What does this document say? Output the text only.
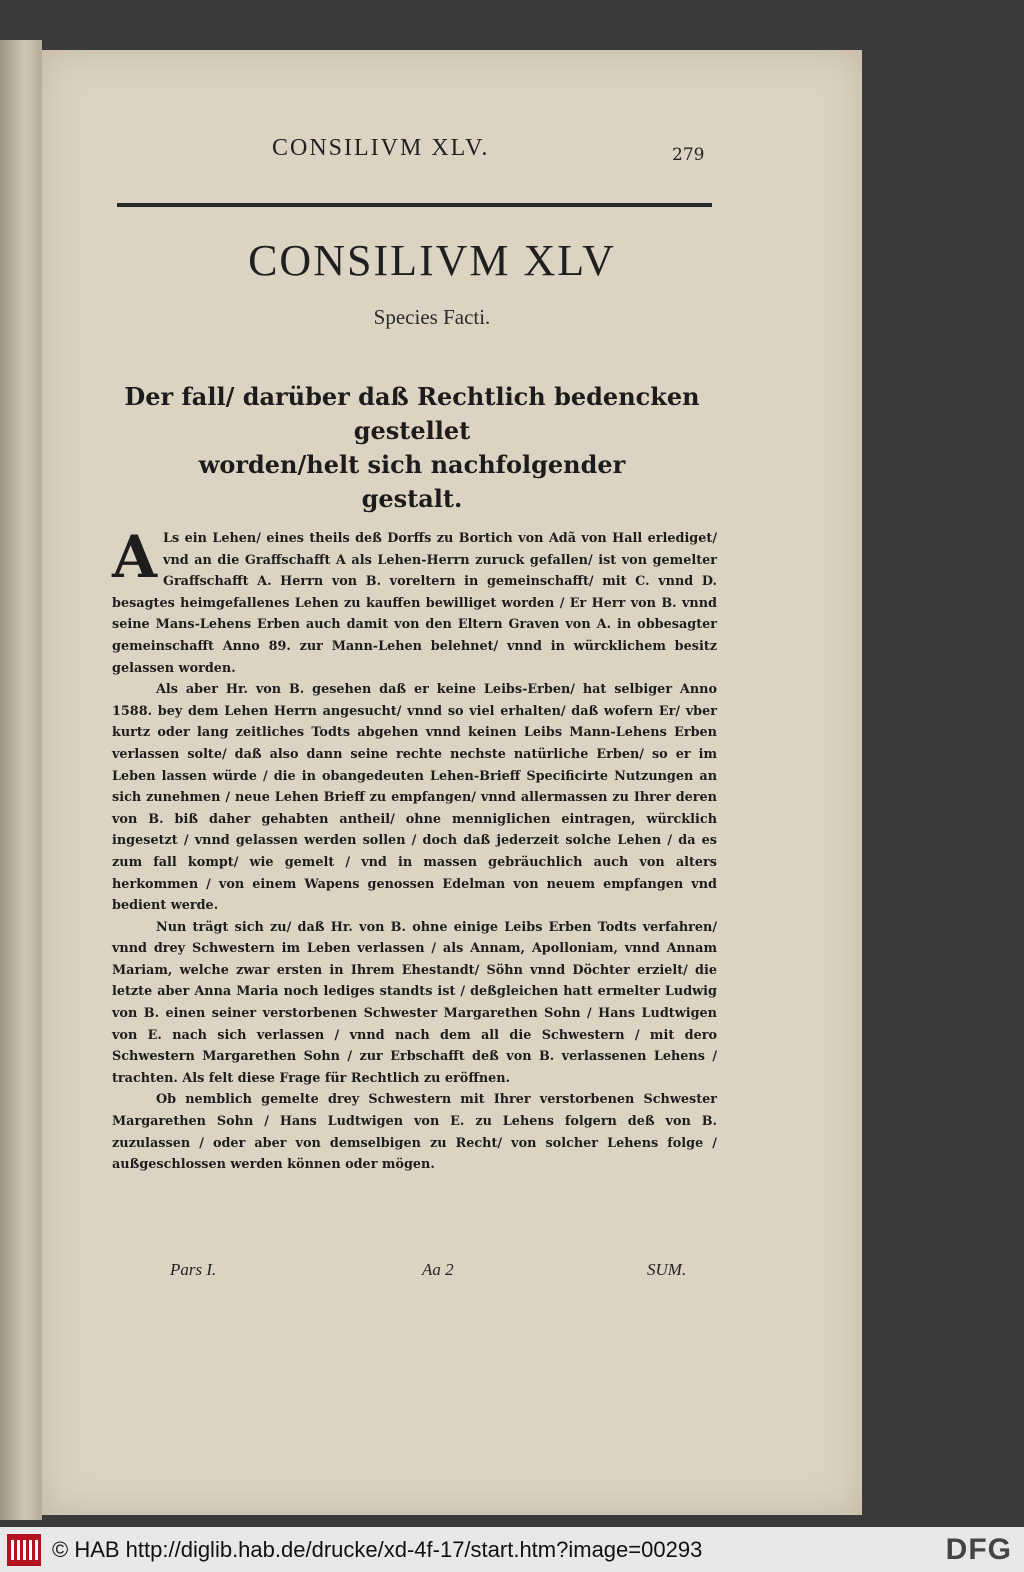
CONSILIVM XLV.	279
CONSILIVM XLV
Species Facti.
Der fall/ darüber daß Rechtlich bedencken gestellet
worden/helt sich nachfolgender
gestalt.

A Ls ein Lehen/ eines theils deß Dorffs zu Bortich von Adã von Hall erlediget/ vnd an die Graffschafft A als Lehen-Herrn zuruck gefallen/ ist von gemelter Graffschafft A. Herrn von B. voreltern in gemeinschafft/ mit C. vnnd D. besagtes heimgefallenes Lehen zu kauffen bewilliget worden / Er Herr von B. vnnd seine Mans-Lehens Erben auch damit von den Eltern Graven von A. in obbesagter gemeinschafft Anno 89. zur Mann-Lehen belehnet/ vnnd in würcklichem besitz gelassen worden.

Als aber Hr. von B. gesehen daß er keine Leibs-Erben/ hat selbiger Anno 1588. bey dem Lehen Herrn angesucht/ vnnd so viel erhalten/ daß wofern Er/ vber kurtz oder lang zeitliches Todts abgehen vnnd keinen Leibs Mann-Lehens Erben verlassen solte/ daß also dann seine rechte nechste natürliche Erben/ so er im Leben lassen würde / die in obangedeuten Lehen-Brieff Specificirte Nutzungen an sich zunehmen / neue Lehen Brieff zu empfangen/ vnnd allermassen zu Ihrer deren von B. biß daher gehabten antheil/ ohne menniglichen eintragen, würcklich ingesetzt / vnnd gelassen werden sollen / doch daß jederzeit solche Lehen / da es zum fall kompt/ wie gemelt / vnd in massen gebräuchlich auch von alters herkommen / von einem Wapens genossen Edelman von neuem empfangen vnd bedient werde.

Nun trägt sich zu/ daß Hr. von B. ohne einige Leibs Erben Todts verfahren/ vnnd drey Schwestern im Leben verlassen / als Annam, Apolloniam, vnnd Annam Mariam, welche zwar ersten in Ihrem Ehestandt/ Söhn vnnd Döchter erzielt/ die letzte aber Anna Maria noch lediges standts ist / deßgleichen hatt ermelter Ludwig von B. einen seiner verstorbenen Schwester Margarethen Sohn / Hans Ludtwigen von E. nach sich verlassen / vnnd nach dem all die Schwestern / mit dero Schwestern Margarethen Sohn / zur Erbschafft deß von B. verlassenen Lehens / trachten. Als felt diese Frage für Rechtlich zu eröffnen.

Ob nemblich gemelte drey Schwestern mit Ihrer verstorbenen Schwester Margarethen Sohn / Hans Ludtwigen von E. zu Lehens folgern deß von B. zuzulassen / oder aber von demselbigen zu Recht/ von solcher Lehens folge / außgeschlossen werden können oder mögen.

Pars I.	Aa 2	SUM.
© HAB http://diglib.hab.de/drucke/xd-4f-17/start.htm?image=00293	DFG
